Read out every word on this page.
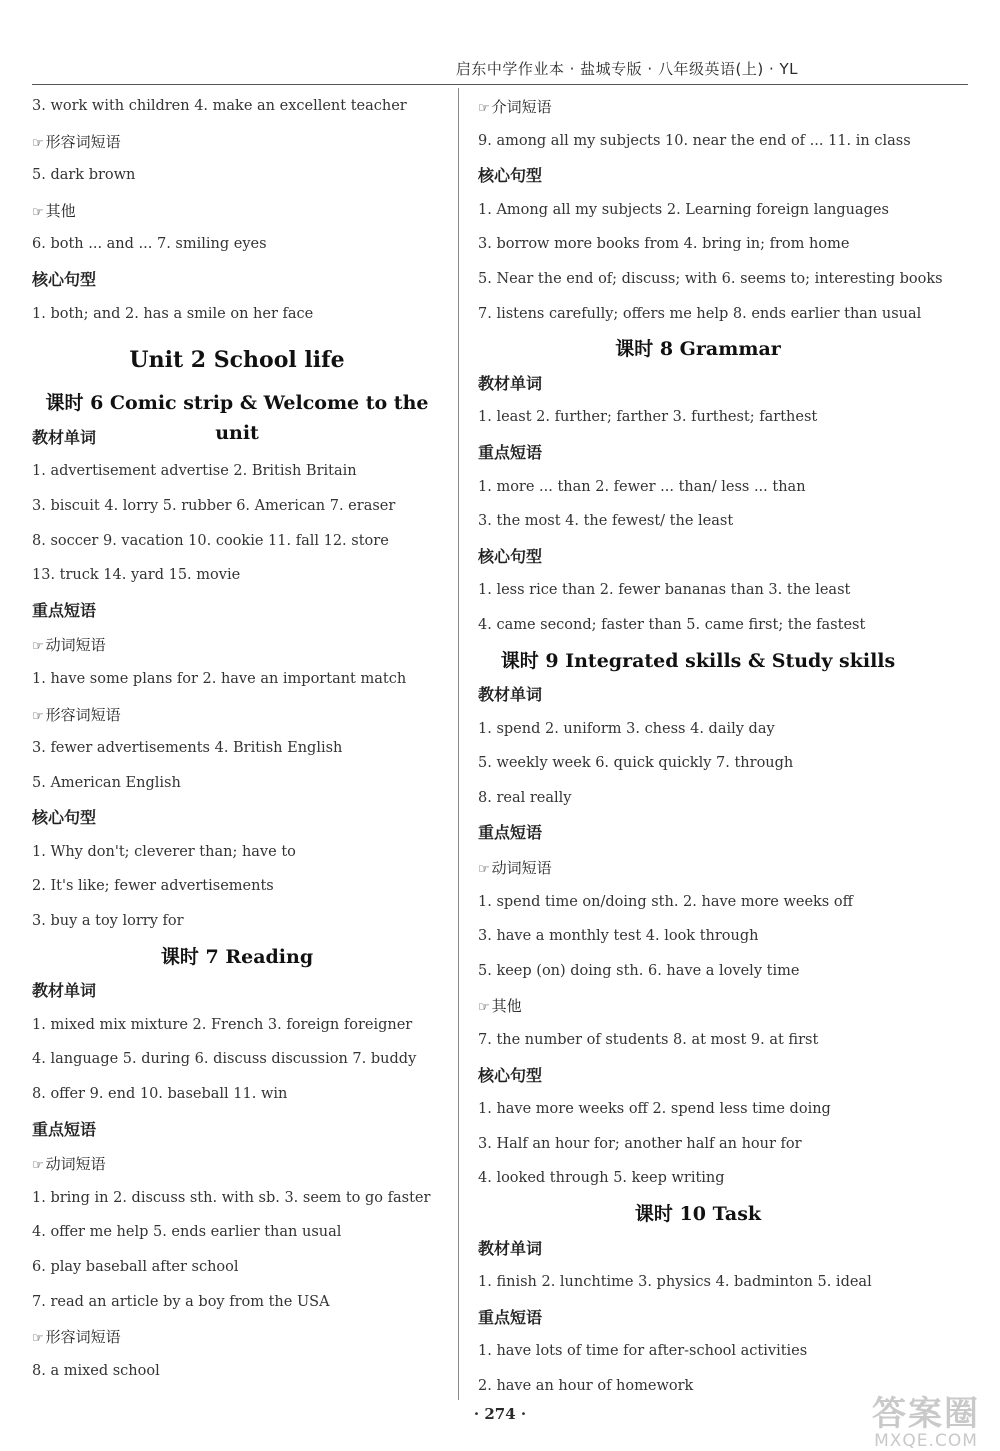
启东中学作业本 · 盐城专版 · 八年级英语(上) · YL
3. work with children 4. make an excellent teacher
☞ 形容词短语
5. dark brown
☞ 其他
6. both ... and ... 7. smiling eyes
核心句型
1. both; and 2. has a smile on her face
Unit 2 School life
课时 6 Comic strip & Welcome to the unit
教材单词
1. advertisement advertise 2. British Britain
3. biscuit 4. lorry 5. rubber 6. American 7. eraser
8. soccer 9. vacation 10. cookie 11. fall 12. store
13. truck 14. yard 15. movie
重点短语
☞ 动词短语
1. have some plans for 2. have an important match
☞ 形容词短语
3. fewer advertisements 4. British English
5. American English
核心句型
1. Why don't; cleverer than; have to
2. It's like; fewer advertisements
3. buy a toy lorry for
课时 7 Reading
教材单词
1. mixed mix mixture 2. French 3. foreign foreigner
4. language 5. during 6. discuss discussion 7. buddy
8. offer 9. end 10. baseball 11. win
重点短语
☞ 动词短语
1. bring in 2. discuss sth. with sb. 3. seem to go faster
4. offer me help 5. ends earlier than usual
6. play baseball after school
7. read an article by a boy from the USA
☞ 形容词短语
8. a mixed school
☞ 介词短语
9. among all my subjects 10. near the end of ... 11. in class
核心句型
1. Among all my subjects 2. Learning foreign languages
3. borrow more books from 4. bring in; from home
5. Near the end of; discuss; with 6. seems to; interesting books
7. listens carefully; offers me help 8. ends earlier than usual
课时 8 Grammar
教材单词
1. least 2. further; farther 3. furthest; farthest
重点短语
1. more ... than 2. fewer ... than/ less ... than
3. the most 4. the fewest/ the least
核心句型
1. less rice than 2. fewer bananas than 3. the least
4. came second; faster than 5. came first; the fastest
课时 9 Integrated skills & Study skills
教材单词
1. spend 2. uniform 3. chess 4. daily day
5. weekly week 6. quick quickly 7. through
8. real really
重点短语
☞ 动词短语
1. spend time on/doing sth. 2. have more weeks off
3. have a monthly test 4. look through
5. keep (on) doing sth. 6. have a lovely time
☞ 其他
7. the number of students 8. at most 9. at first
核心句型
1. have more weeks off 2. spend less time doing
3. Half an hour for; another half an hour for
4. looked through 5. keep writing
课时 10 Task
教材单词
1. finish 2. lunchtime 3. physics 4. badminton 5. ideal
重点短语
1. have lots of time for after-school activities
2. have an hour of homework
· 274 ·	答案圈
MXQE.COM
